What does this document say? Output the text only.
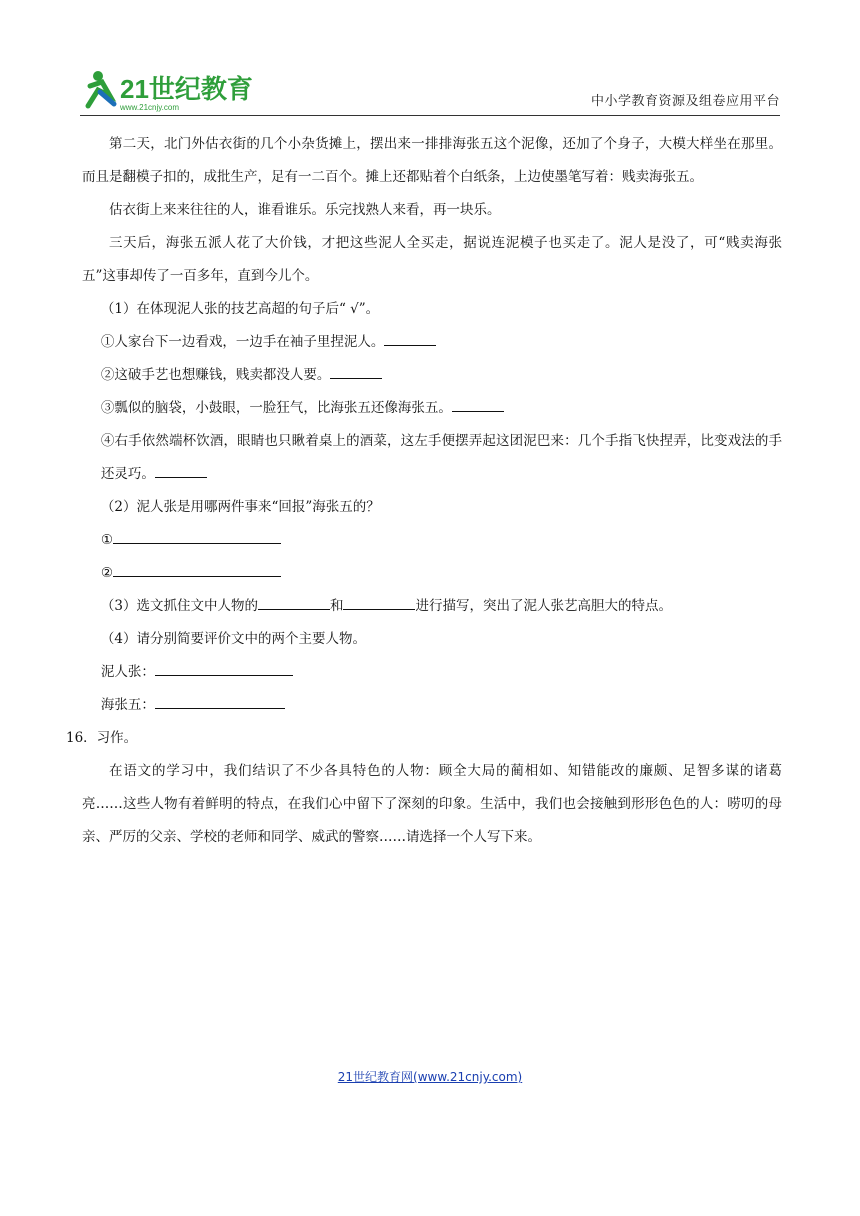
21世纪教育
www.21cnjy.com	中小学教育资源及组卷应用平台

第二天，北门外估衣街的几个小杂货摊上，摆出来一排排海张五这个泥像，还加了个身子，大模大样坐在那里。而且是翻模子扣的，成批生产，足有一二百个。摊上还都贴着个白纸条，上边使墨笔写着：贱卖海张五。

估衣街上来来往往的人，谁看谁乐。乐完找熟人来看，再一块乐。

三天后，海张五派人花了大价钱，才把这些泥人全买走，据说连泥模子也买走了。泥人是没了，可“贱卖海张五”这事却传了一百多年，直到今儿个。

（1）在体现泥人张的技艺高超的句子后“ √”。

①人家台下一边看戏，一边手在袖子里捏泥人。

②这破手艺也想赚钱，贱卖都没人要。

③瓢似的脑袋，小鼓眼，一脸狂气，比海张五还像海张五。

④右手依然端杯饮酒，眼睛也只瞅着桌上的酒菜，这左手便摆弄起这团泥巴来：几个手指飞快捏弄，比变戏法的手还灵巧。

（2）泥人张是用哪两件事来“回报”海张五的？

①

②

（3）选文抓住文中人物的	和	进行描写，突出了泥人张艺高胆大的特点。

（4）请分别简要评价文中的两个主要人物。

泥人张：

海张五：

16．习作。

在语文的学习中，我们结识了不少各具特色的人物：顾全大局的蔺相如、知错能改的廉颇、足智多谋的诸葛亮……这些人物有着鲜明的特点，在我们心中留下了深刻的印象。生活中，我们也会接触到形形色色的人：唠叨的母亲、严厉的父亲、学校的老师和同学、威武的警察……请选择一个人写下来。

21世纪教育网(www.21cnjy.com)
